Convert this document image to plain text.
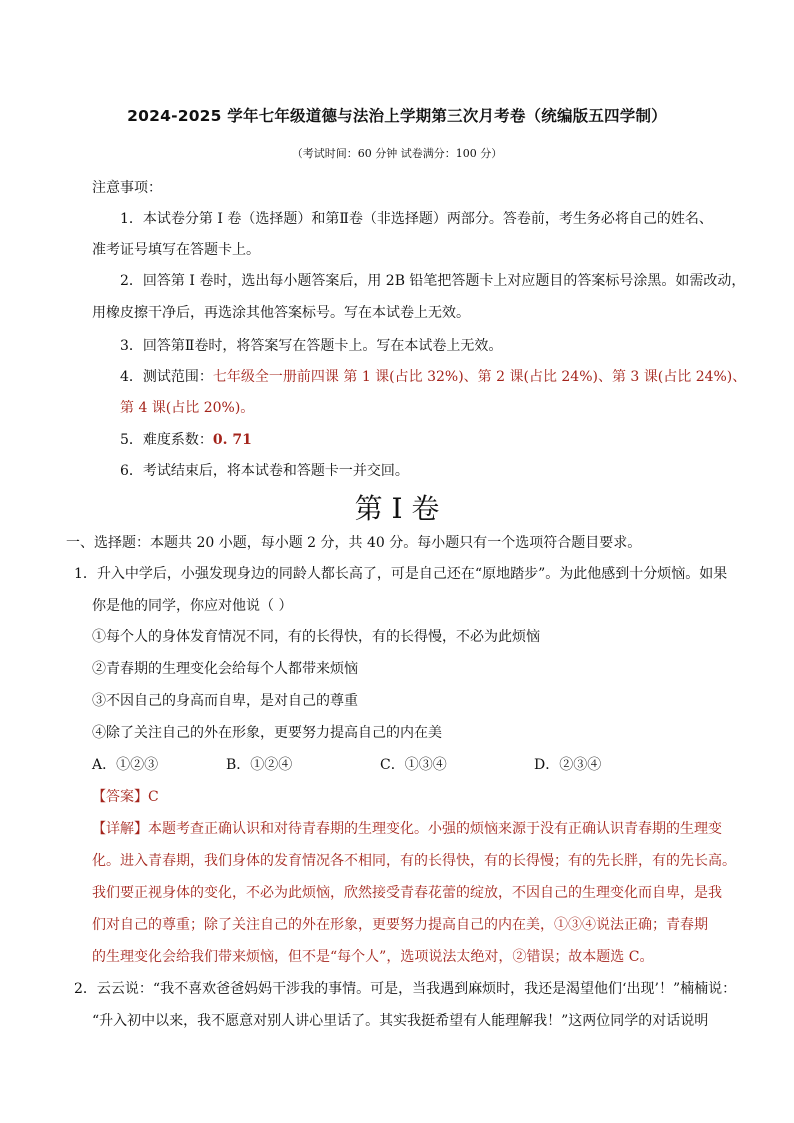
2024-2025 学年七年级道德与法治上学期第三次月考卷（统编版五四学制）
（考试时间：60 分钟 试卷满分：100 分）
注意事项：
1．本试卷分第 I 卷（选择题）和第Ⅱ卷（非选择题）两部分。答卷前，考生务必将自己的姓名、
准考证号填写在答题卡上。
2．回答第 I 卷时，选出每小题答案后，用 2B 铅笔把答题卡上对应题目的答案标号涂黑。如需改动，
用橡皮擦干净后，再选涂其他答案标号。写在本试卷上无效。
3．回答第Ⅱ卷时，将答案写在答题卡上。写在本试卷上无效。
4．测试范围：七年级全一册前四课 第 1 课(占比 32%)、第 2 课(占比 24%)、第 3 课(占比 24%)、
第 4 课(占比 20%)。
5．难度系数：0. 71
6．考试结束后，将本试卷和答题卡一并交回。
第 I 卷
一、选择题：本题共 20 小题，每小题 2 分，共 40 分。每小题只有一个选项符合题目要求。
1．升入中学后，小强发现身边的同龄人都长高了，可是自己还在“原地踏步”。为此他感到十分烦恼。如果
你是他的同学，你应对他说（ ）
①每个人的身体发育情况不同，有的长得快，有的长得慢，不必为此烦恼
②青春期的生理变化会给每个人都带来烦恼
③不因自己的身高而自卑，是对自己的尊重
④除了关注自己的外在形象，更要努力提高自己的内在美
A．①②③	B．①②④	C．①③④	D．②③④
【答案】C
【详解】本题考查正确认识和对待青春期的生理变化。小强的烦恼来源于没有正确认识青春期的生理变
化。进入青春期，我们身体的发育情况各不相同，有的长得快，有的长得慢；有的先长胖，有的先长高。
我们要正视身体的变化，不必为此烦恼，欣然接受青春花蕾的绽放，不因自己的生理变化而自卑，是我
们对自己的尊重；除了关注自己的外在形象，更要努力提高自己的内在美，①③④说法正确；青春期
的生理变化会给我们带来烦恼，但不是“每个人”，选项说法太绝对，②错误；故本题选 C。
2．云云说：“我不喜欢爸爸妈妈干涉我的事情。可是，当我遇到麻烦时，我还是渴望他们‘出现’！”楠楠说：
“升入初中以来，我不愿意对别人讲心里话了。其实我挺希望有人能理解我！”这两位同学的对话说明
